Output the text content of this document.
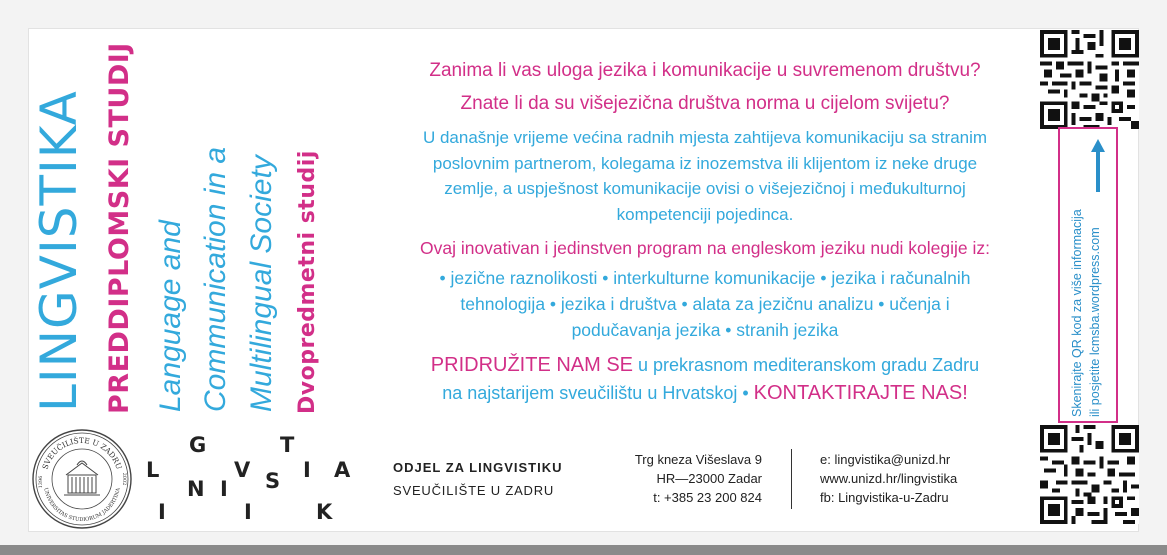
LINGVISTIKA PREDDIPLOMSKI STUDIJ Language and Communication in a Multilingual Society Dvopredmetni studij
Zanima li vas uloga jezika i komunikacije u suvremenom društvu?
Znate li da su višejezična društva norma u cijelom svijetu?
U današnje vrijeme većina radnih mjesta zahtijeva komunikaciju sa stranim
poslovnim partnerom, kolegama iz inozemstva ili klijentom iz neke druge
zemlje, a uspješnost komunikacije ovisi o višejezičnoj i međukulturnoj
kompetenciji pojedinca.
Ovaj inovativan i jedinstven program na engleskom jeziku nudi kolegije iz:
• jezične raznolikosti • interkulturne komunikacije • jezika i računalnih
tehnologija • jezika i društva • alata za jezičnu analizu • učenja i
podučavanja jezika • stranih jezika
PRIDRUŽITE NAM SE u prekrasnom mediteranskom gradu Zadru
na najstarijem sveučilištu u Hrvatskoj • KONTAKTIRAJTE NAS!	Skenirajte QR kod za više informacija ili posjetite lcmsba.wordpress.com
SVEUČILIŠTE U ZADRU
UNIVERSITAS STUDIORUM JADERTINA
1396	2002
G	T
L	V S I A
N I
K
I	I
ODJEL ZA LINGVISTIKU
SVEUČILIŠTE U ZADRU
Trg kneza Višeslava 9
HR—23000 Zadar
t: +385 23 200 824
e: lingvistika@unizd.hr
www.unizd.hr/lingvistika
fb: Lingvistika-u-Zadru
